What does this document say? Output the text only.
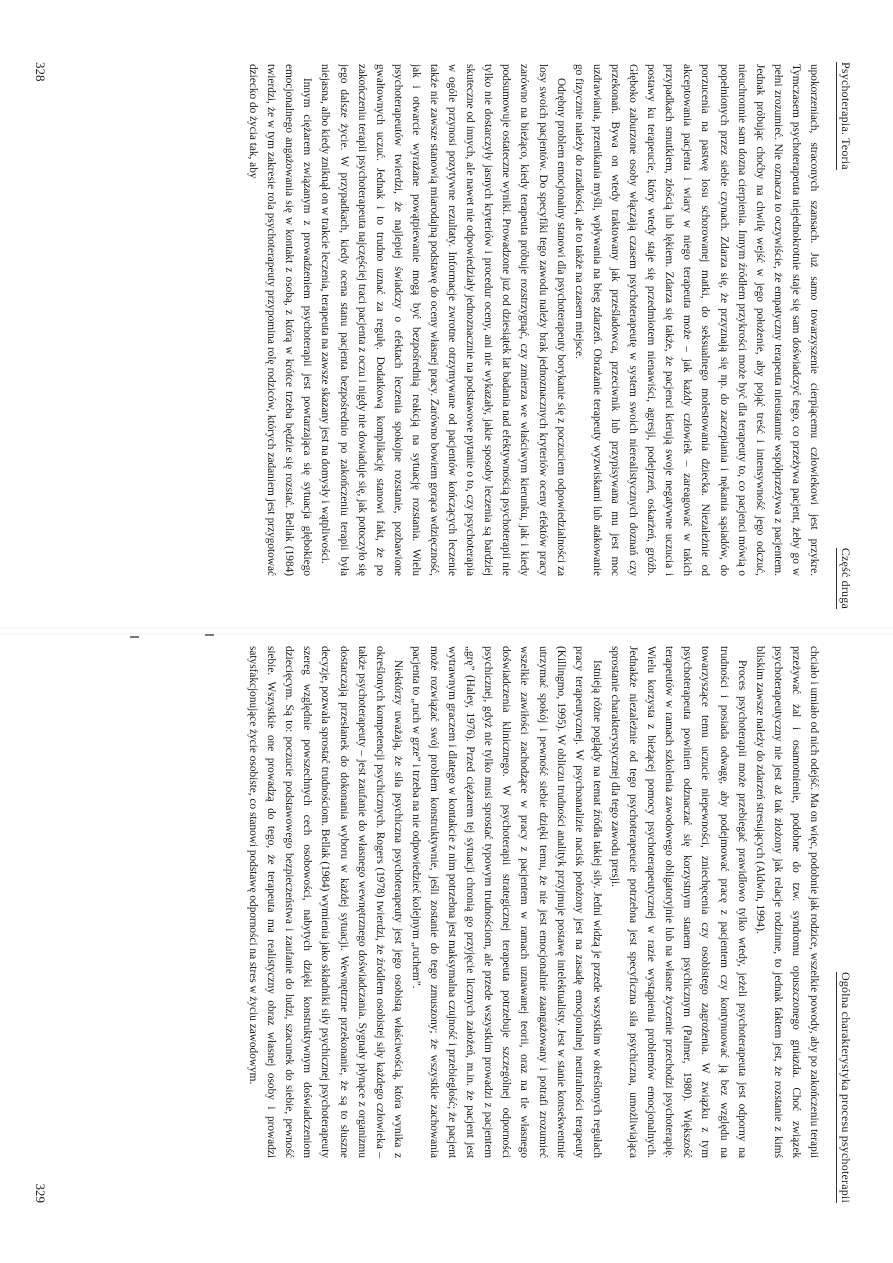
Psychoterapia. Teoria
Część druga

upokorzeniach, straconych szansach. Już samo towarzyszenie cierpiącemu człowiekowi jest przykre. Tymczasem psychoterapeuta niejednokrotnie staje się sam doświadczyć tego, co przeżywa pacjent, żeby go w pełni zrozumieć. Nie oznacza to oczywiście, że empatyczny terapeuta nieustannie współprzeżywa z pacjentem. Jednak próbując choćby na chwilę wejść w jego położenie, aby pojąć treść i intensywność jego odczuć, nieuchronnie sam dozna cierpienia. Innym źródłem przykrości może być dla terapeuty to, co pacjenci mówią o popełnionych przez siebie czynach. Zdarza się, że przyznają się np. do zaczepiania i nękania sąsiadów, do porzucenia na pastwę losu schorowanej matki, do seksualnego molestowania dziecka. Niezależnie od akceptowania pacjenta i wiary w niego terapeuta może – jak każdy człowiek – zareagować w takich przypadkach smutkiem, złością lub lękiem. Zdarza się także, że pacjenci kierują swoje negatywne uczucia i postawy ku terapeucie, który wtedy staje się przedmiotem nienawiści, agresji, podejrzeń, oskarżeń, gróźb. Głęboko zaburzone osoby włączają czasem psychoterapeutę w system swoich nierealistycznych doznań czy przekonań. Bywa on wtedy traktowany jak prześladowca, przeciwnik lub przypisywana mu jest moc uzdrawiania, przenikania myśli, wpływania na bieg zdarzeń. Obrażanie terapeuty wyzwiskami lub atakowanie go fizycznie należy do rzadkości, ale to także na czasem miejsce.

Odrębny problem emocjonalny stanowi dla psychoterapeuty borykanie się z poczuciem odpowiedzialności za losy swoich pacjentów. Do specyfiki tego zawodu należy brak jednoznacznych kryteriów oceny efektów pracy zarówno na bieżąco, kiedy terapeuta próbuje rozstrzygnąć, czy zmierza we właściwym kierunku, jak i kiedy podsumowuje ostateczne wyniki. Prowadzone już od dziesiątek lat badania nad efektywnością psychoterapii nie tylko nie dostarczyły jasnych kryteriów i procedur oceny, ani nie wykazały, jakie sposoby leczenia są bardziej skuteczne od innych, ale nawet nie odpowiedziały jednoznacznie na podstawowe pytanie o to, czy psychoterapia w ogóle przynosi pozytywne rezultaty. Informacje zwrotne otrzymywane od pacjentów kończących leczenie także nie zawsze stanowią miarodajną podstawę do oceny własnej pracy. Zarówno bowiem gorąca wdzięczność, jak i otwarcie wyrażane powątpiewanie mogą być bezpośrednią reakcją na sytuację rozstania. Wielu psychoterapeutów twierdzi, że najlepiej świadczy o efektach leczenia spokojne rozstanie, pozbawione gwałtownych uczuć. Jednak i to trudno uznać za regułę. Dodatkową komplikację stanowi fakt, że po zakończeniu terapii psychoterapeuta najczęściej traci pacjenta z oczu i nigdy nie dowiaduje się, jak potoczyło się jego dalsze życie. W przypadkach, kiedy ocena stanu pacjenta bezpośrednio po zakończeniu terapii była niejasna, albo kiedy zniknął on w trakcie leczenia, terapeuta na zawsze skazany jest na domysły i wątpliwości.

Innym ciężarem związanym z prowadzeniem psychoterapii jest powtarzająca się sytuacja głębokiego emocjonalnego angażowania się w kontakt z osobą, z którą w krótce trzeba będzie się rozstać. Bellak (1984) twierdzi, że w tym zakresie rola psychoterapeuty przypomina rolę rodziców, których zadaniem jest przygotować dziecko do życia tak, aby

328
Ogólna charakterystyka procesu psychoterapii

chciało i umiało od nich odejść. Ma on więc, podobnie jak rodzice, wszelkie powody, aby po zakończeniu terapii przeżywać żal i osamotnienie, podobne do tzw. syndromu opuszczonego gniazda. Choć związek psychoterapeutyczny nie jest aż tak złożony jak relacje rodzinne, to jednak faktem jest, że rozstanie z kimś bliskim zawsze należy do zdarzeń stresujących (Aldwin, 1994).

Proces psychoterapii może przebiegać prawidłowo tylko wtedy, jeżeli psychoterapeuta jest odporny na trudności i posiada odwagę, aby podejmować pracę z pacjentem czy kontynuować ją bez względu na towarzyszące temu uczucie niepewności, zniechęcenia czy osobistego zagrożenia. W związku z tym psychoterapeuta powinien odznaczać się korzystnym stanem psychicznym (Palmer, 1980). Większość terapeutów w ramach szkolenia zawodowego obligatoryjnie lub na własne życzenie przechodzi psychoterapię. Wielu korzysta z bieżącej pomocy psychoterapeutycznej w razie wystąpienia problemów emocjonalnych. Jednakże niezależnie od tego psychoterapeucie potrzebna jest specyficzna siła psychiczna, umożliwiająca sprostanie charakterystycznej dla tego zawodu presji.

Istnieją różne poglądy na temat źródła takiej siły. Jedni widzą je przede wszystkim w określonych regułach pracy terapeutycznej. W psychoanalizie nacisk położony jest na zasadę emocjonalnej neutralności terapeuty (Killingmo, 1995). W obliczu trudności analityk przyjmuje postawę intelektualisty. Jest w stanie konsekwentnie utrzymać spokój i pewność siebie dzięki temu, że nie jest emocjonalnie zaangażowany i potrafi zrozumieć wszelkie zawiłości zachodzące w pracy z pacjentem w ramach uznawanej teorii, oraz na tle własnego doświadczenia klinicznego. W psychoterapii strategicznej terapeuta potrzebuje szczególnej odporności psychicznej, gdyż nie tylko musi sprostać typowym trudnościom, ale przede wszystkim prowadzi z pacjentem „grę” (Haley, 1976). Przed ciężarem tej sytuacji chronią go przyjęcie licznych założeń, m.in. że pacjent jest wytrawnym graczem i dlatego w kontakcie z nim potrzebna jest maksymalna czujność i przebiegłość; że pacjent może rozwiązać swój problem konstruktywnie, jeśli zostanie do tego zmuszony; że wszystkie zachowania pacjenta to „ruch w grze” i trzeba na nie odpowiedzieć kolejnym „ruchem”.

Niektórzy uważają, że siła psychiczna psychoterapeuty jest jego osobistą właściwością, która wynika z określonych kompetencji psychicznych. Rogers (1978) twierdzi, że źródłem osobistej siły każdego człowieka – także psychoterapeuty – jest zaufanie do własnego wewnętrznego doświadczania. Sygnały płynące z organizmu dostarczają przesłanek do dokonania wyboru w każdej sytuacji. Wewnętrzne przekonanie, że są to słuszne decyzje, pozwala sprostać trudnościom. Bellak (1984) wymienia jako składniki siły psychicznej psychoterapeuty szereg względnie powszechnych cech osobowości, nabytych dzięki konstruktywnym doświadczeniom dziecięcym. Są to: poczucie podstawowego bezpieczeństwa i zaufanie do ludzi, szacunek do siebie, pewność siebie. Wszystkie one prowadzą do tego, że terapeuta ma realistyczny obraz własnej osoby i prowadzi satysfakcjonujące życie osobiste, co stanowi podstawę odporności na stres w życiu zawodowym.

329
